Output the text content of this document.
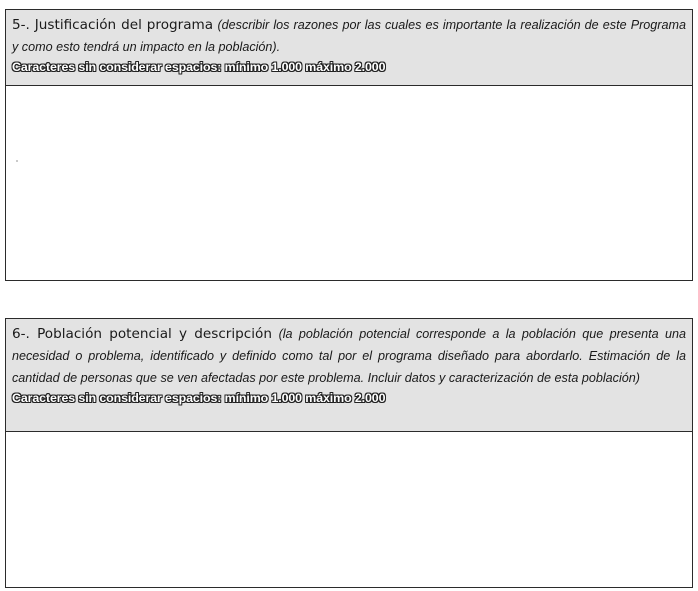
5-. Justificación del programa (describir los razones por las cuales es importante la realización de este Programa y como esto tendrá un impacto en la población).

Caracteres sin considerar espacios: mínimo 1.000 máximo 2.000

6-. Población potencial y descripción (la población potencial corresponde a la población que presenta una necesidad o problema, identificado y definido como tal por el programa diseñado para abordarlo. Estimación de la cantidad de personas que se ven afectadas por este problema. Incluir datos y caracterización de esta población)

Caracteres sin considerar espacios: mínimo 1.000 máximo 2.000
